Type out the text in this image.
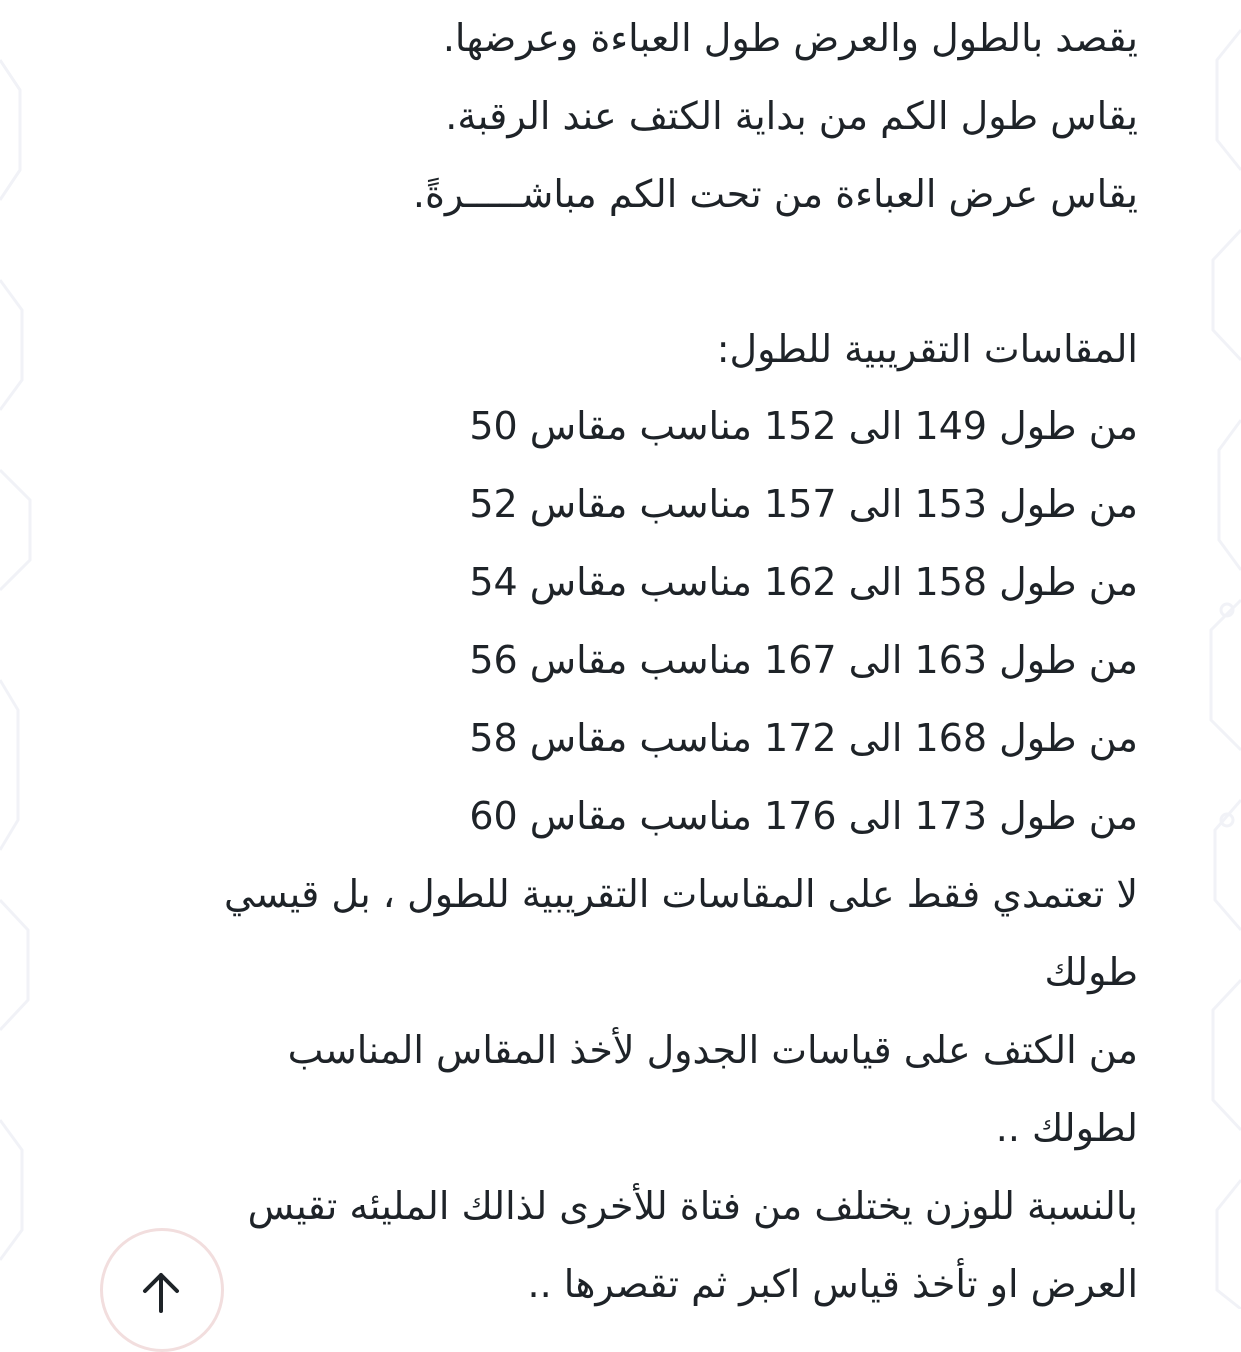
يقصد بالطول والعرض طول العباءة وعرضها.
يقاس طول الكم من بداية الكتف عند الرقبة.
يقاس عرض العباءة من تحت الكم مباشـــــرةً.
المقاسات التقريبية للطول:
من طول 149 الى 152 مناسب مقاس 50
من طول 153 الى 157 مناسب مقاس 52
من طول 158 الى 162 مناسب مقاس 54
من طول 163 الى 167 مناسب مقاس 56
من طول 168 الى 172 مناسب مقاس 58
من طول 173 الى 176 مناسب مقاس 60
لا تعتمدي فقط على المقاسات التقريبية للطول ، بل قيسي
طولك
من الكتف على قياسات الجدول لأخذ المقاس المناسب
لطولك ..
بالنسبة للوزن يختلف من فتاة للأخرى لذالك المليئه تقيس
العرض او تأخذ قياس اكبر ثم تقصرها ..
